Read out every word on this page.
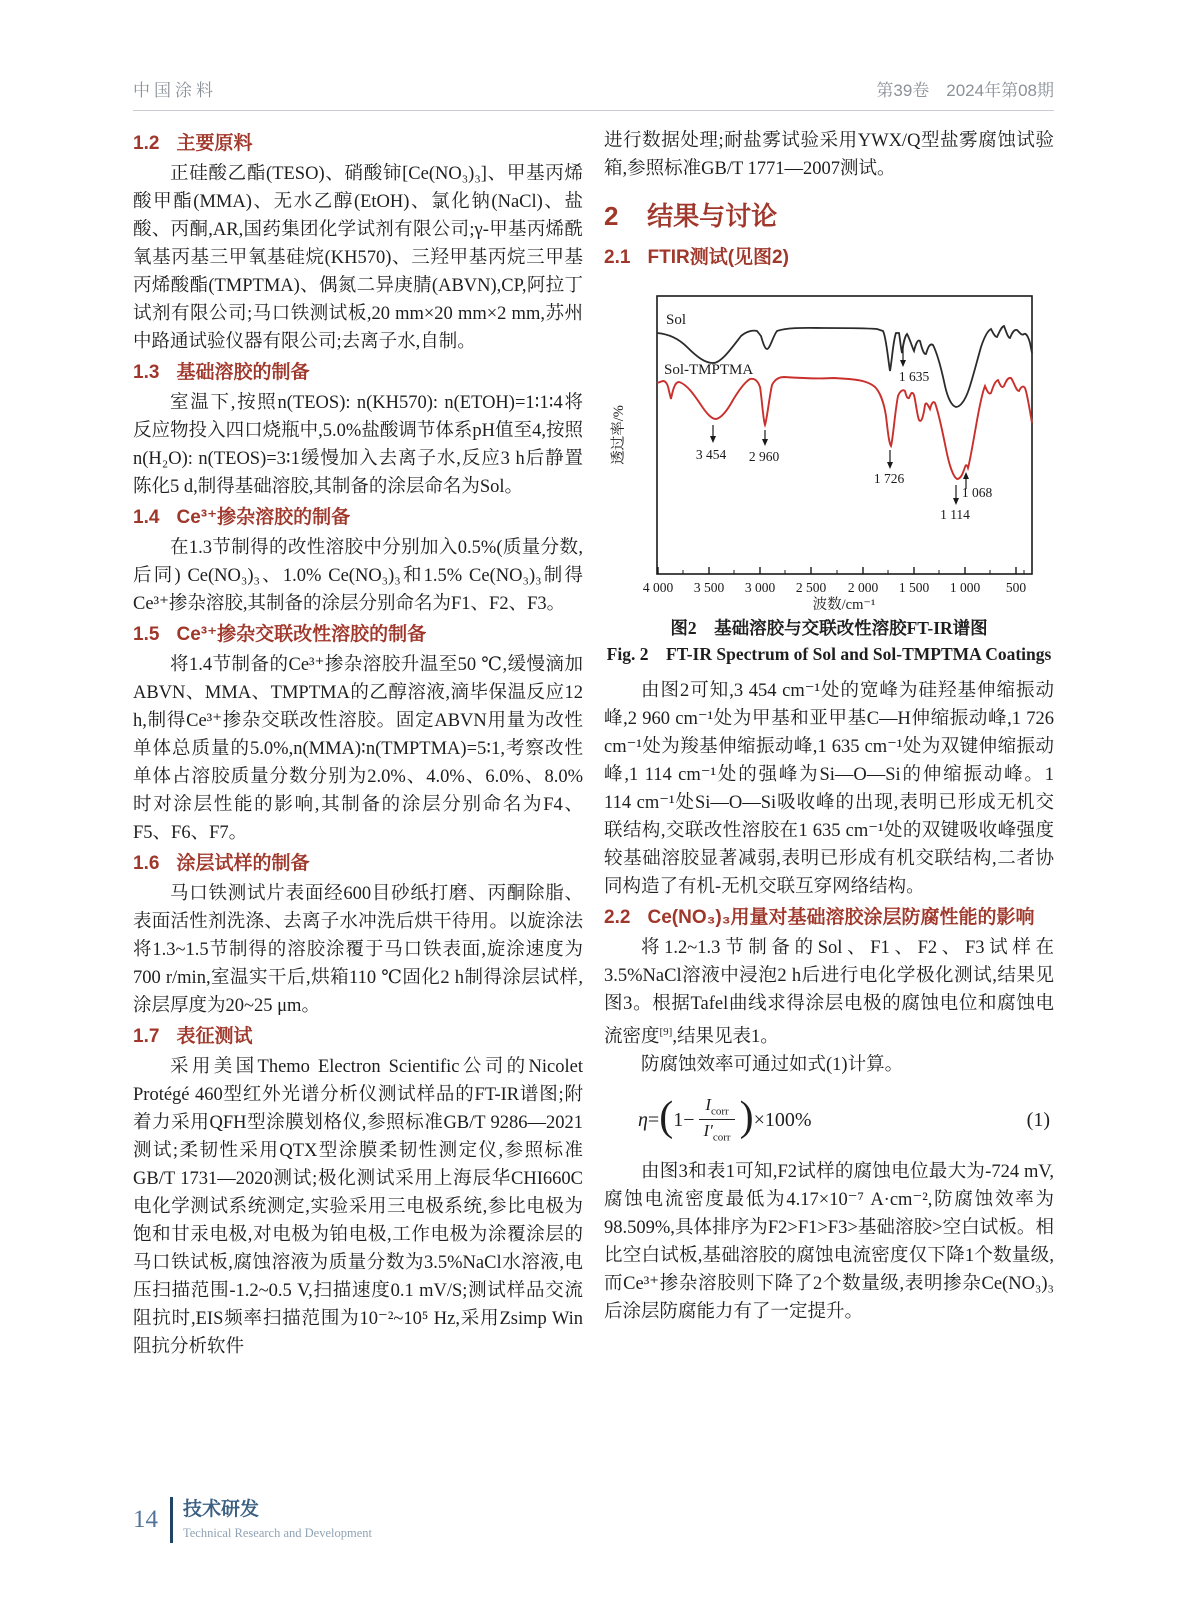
中国涂料	第39卷　2024年第08期
1.2 主要原料

正硅酸乙酯(TESO)、硝酸铈[Ce(NO₃)₃]、甲基丙烯酸甲酯(MMA)、无水乙醇(EtOH)、氯化钠(NaCl)、盐酸、丙酮,AR,国药集团化学试剂有限公司;γ-甲基丙烯酰氧基丙基三甲氧基硅烷(KH570)、三羟甲基丙烷三甲基丙烯酸酯(TMPTMA)、偶氮二异庚腈(ABVN),CP,阿拉丁试剂有限公司;马口铁测试板,20 mm×20 mm×2 mm,苏州中路通试验仪器有限公司;去离子水,自制。

1.3 基础溶胶的制备

室温下,按照n(TEOS): n(KH570): n(ETOH)=1∶1∶4将反应物投入四口烧瓶中,5.0%盐酸调节体系pH值至4,按照n(H₂O): n(TEOS)=3∶1缓慢加入去离子水,反应3 h后静置陈化5 d,制得基础溶胶,其制备的涂层命名为Sol。

1.4 Ce³⁺掺杂溶胶的制备

在1.3节制得的改性溶胶中分别加入0.5%(质量分数,后同) Ce(NO₃)₃、1.0% Ce(NO₃)₃和1.5% Ce(NO₃)₃制得Ce³⁺掺杂溶胶,其制备的涂层分别命名为F1、F2、F3。

1.5 Ce³⁺掺杂交联改性溶胶的制备

将1.4节制备的Ce³⁺掺杂溶胶升温至50 ℃,缓慢滴加ABVN、MMA、TMPTMA的乙醇溶液,滴毕保温反应12 h,制得Ce³⁺掺杂交联改性溶胶。固定ABVN用量为改性单体总质量的5.0%,n(MMA)∶n(TMPTMA)=5∶1,考察改性单体占溶胶质量分数分别为2.0%、4.0%、6.0%、8.0%时对涂层性能的影响,其制备的涂层分别命名为F4、F5、F6、F7。

1.6 涂层试样的制备

马口铁测试片表面经600目砂纸打磨、丙酮除脂、表面活性剂洗涤、去离子水冲洗后烘干待用。以旋涂法将1.3~1.5节制得的溶胶涂覆于马口铁表面,旋涂速度为700 r/min,室温实干后,烘箱110 ℃固化2 h制得涂层试样,涂层厚度为20~25 μm。

1.7 表征测试

采用美国Themo Electron Scientific公司的Nicolet Protégé 460型红外光谱分析仪测试样品的FT-IR谱图;附着力采用QFH型涂膜划格仪,参照标准GB/T 9286—2021测试;柔韧性采用QTX型涂膜柔韧性测定仪,参照标准GB/T 1731—2020测试;极化测试采用上海辰华CHI660C电化学测试系统测定,实验采用三电极系统,参比电极为饱和甘汞电极,对电极为铂电极,工作电极为涂覆涂层的马口铁试板,腐蚀溶液为质量分数为3.5%NaCl水溶液,电压扫描范围-1.2~0.5 V,扫描速度0.1 mV/S;测试样品交流阻抗时,EIS频率扫描范围为10⁻²~10⁵ Hz,采用Zsimp Win阻抗分析软件

进行数据处理;耐盐雾试验采用YWX/Q型盐雾腐蚀试验箱,参照标准GB/T 1771—2007测试。

2 结果与讨论
2.1 FTIR测试(见图2)
4 000 3 500 3 000 2 500 2 000 1 500 1 000 500
波数/cm⁻¹
透过率/%
Sol
Sol-TMPTMA
3 454 2 960
1 726
1 635
1 114
1 068
图2　基础溶胶与交联改性溶胶FT-IR谱图
Fig. 2　FT-IR Spectrum of Sol and Sol-TMPTMA Coatings

由图2可知,3 454 cm⁻¹处的宽峰为硅羟基伸缩振动峰,2 960 cm⁻¹处为甲基和亚甲基C—H伸缩振动峰,1 726 cm⁻¹处为羧基伸缩振动峰,1 635 cm⁻¹处为双键伸缩振动峰,1 114 cm⁻¹处的强峰为Si—O—Si的伸缩振动峰。1 114 cm⁻¹处Si—O—Si吸收峰的出现,表明已形成无机交联结构,交联改性溶胶在1 635 cm⁻¹处的双键吸收峰强度较基础溶胶显著减弱,表明已形成有机交联结构,二者协同构造了有机-无机交联互穿网络结构。

2.2 Ce(NO₃)₃用量对基础溶胶涂层防腐性能的影响

将1.2~1.3节制备的Sol、F1、F2、F3试样在3.5%NaCl溶液中浸泡2 h后进行电化学极化测试,结果见图3。根据Tafel曲线求得涂层电极的腐蚀电位和腐蚀电流密度[9],结果见表1。

防腐蚀效率可通过如式(1)计算。

η = ( $1- \frac{I_{corr}}{I'_{corr}}$ ) ×100%	(1)

由图3和表1可知,F2试样的腐蚀电位最大为-724 mV,腐蚀电流密度最低为4.17×10⁻⁷ A·cm⁻²,防腐蚀效率为98.509%,具体排序为F2>F1>F3>基础溶胶>空白试板。相比空白试板,基础溶胶的腐蚀电流密度仅下降1个数量级,而Ce³⁺掺杂溶胶则下降了2个数量级,表明掺杂Ce(NO₃)₃后涂层防腐能力有了一定提升。

14 技术研发
Technical Research and Development
